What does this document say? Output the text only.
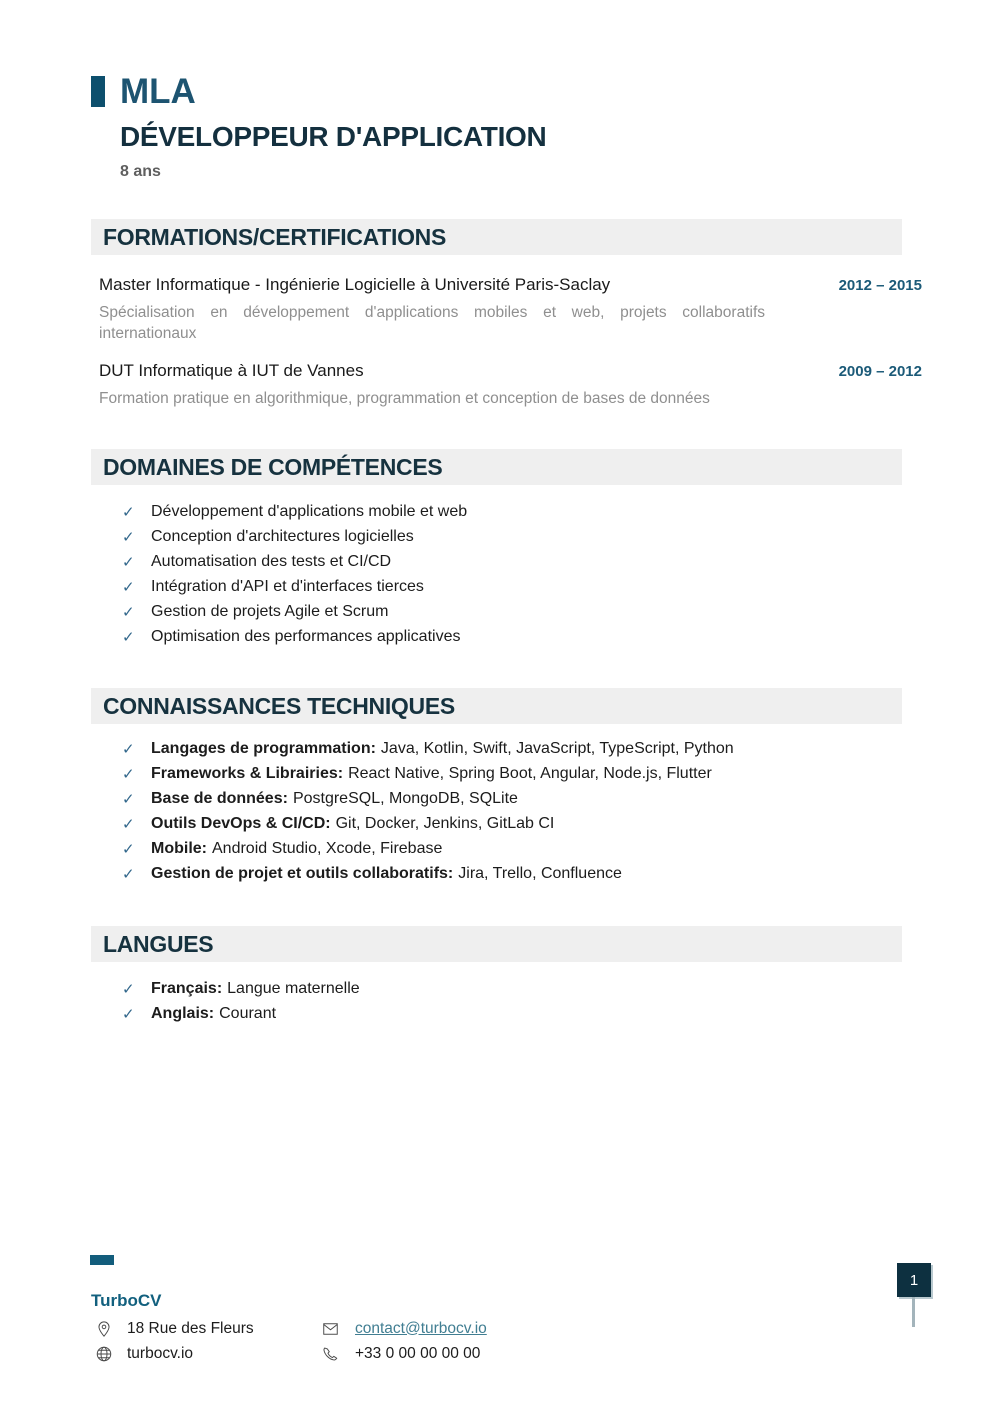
MLA
DÉVELOPPEUR D'APPLICATION
8 ans
FORMATIONS/CERTIFICATIONS
Master Informatique - Ingénierie Logicielle à Université Paris-Saclay	2012 – 2015

Spécialisation en développement d'applications mobiles et web, projets collaboratifs internationaux

DUT Informatique à IUT de Vannes	2009 – 2012

Formation pratique en algorithmique, programmation et conception de bases de données

DOMAINES DE COMPÉTENCES
✓	Développement d'applications mobile et web
✓	Conception d'architectures logicielles
✓	Automatisation des tests et CI/CD
✓	Intégration d'API et d'interfaces tierces
✓	Gestion de projets Agile et Scrum
✓	Optimisation des performances applicatives
CONNAISSANCES TECHNIQUES
✓	Langages de programmation: Java, Kotlin, Swift, JavaScript, TypeScript, Python
✓	Frameworks & Librairies: React Native, Spring Boot, Angular, Node.js, Flutter
✓	Base de données: PostgreSQL, MongoDB, SQLite
✓	Outils DevOps & CI/CD: Git, Docker, Jenkins, GitLab CI
✓	Mobile: Android Studio, Xcode, Firebase
✓	Gestion de projet et outils collaboratifs: Jira, Trello, Confluence
LANGUES
✓	Français: Langue maternelle
✓	Anglais: Courant
TurboCV
18 Rue des Fleurs	contact@turbocv.io
turbocv.io	+33 0 00 00 00 00
1
